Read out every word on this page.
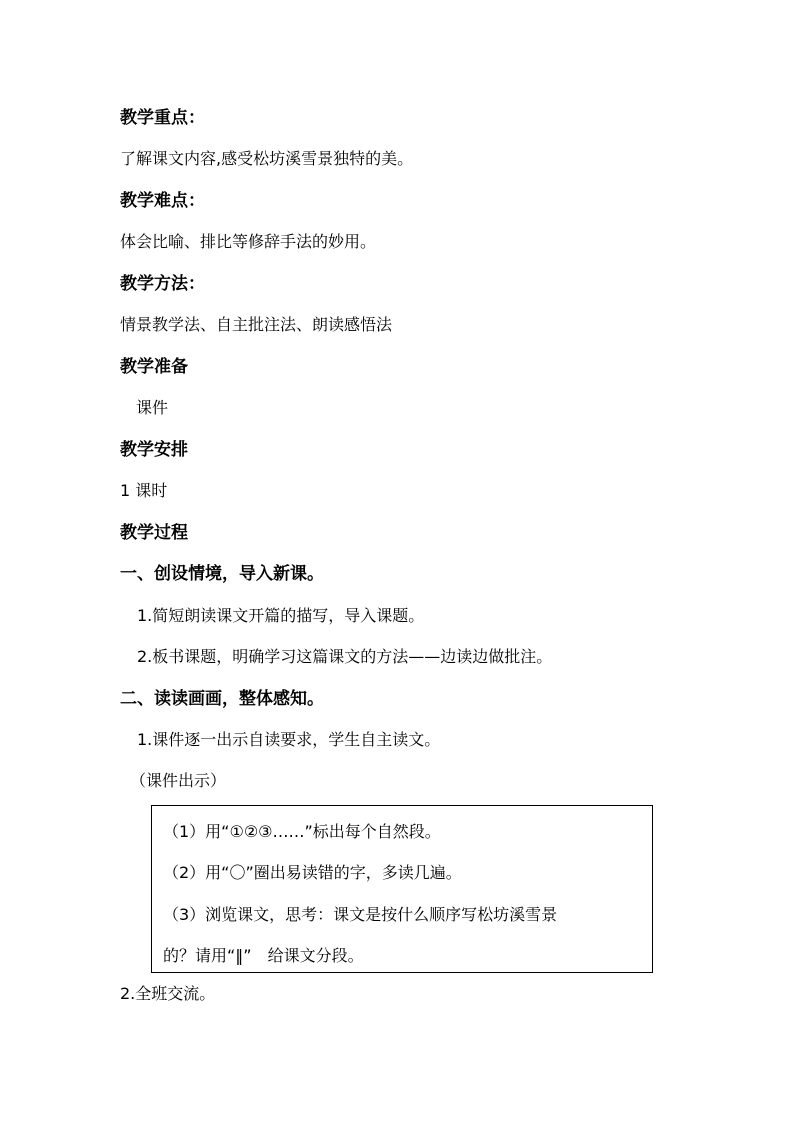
教学重点：
了解课文内容,感受松坊溪雪景独特的美。
教学难点：
体会比喻、排比等修辞手法的妙用。
教学方法：
情景教学法、自主批注法、朗读感悟法
教学准备
课件
教学安排
1 课时
教学过程
一、创设情境，导入新课。
1.简短朗读课文开篇的描写，导入课题。
2.板书课题，明确学习这篇课文的方法——边读边做批注。
二、读读画画，整体感知。
1.课件逐一出示自读要求，学生自主读文。
（课件出示）
（1）用“①②③……”标出每个自然段。
（2）用“〇”圈出易读错的字，多读几遍。
（3）浏览课文，思考：课文是按什么顺序写松坊溪雪景
的？请用“‖”　给课文分段。
2.全班交流。
